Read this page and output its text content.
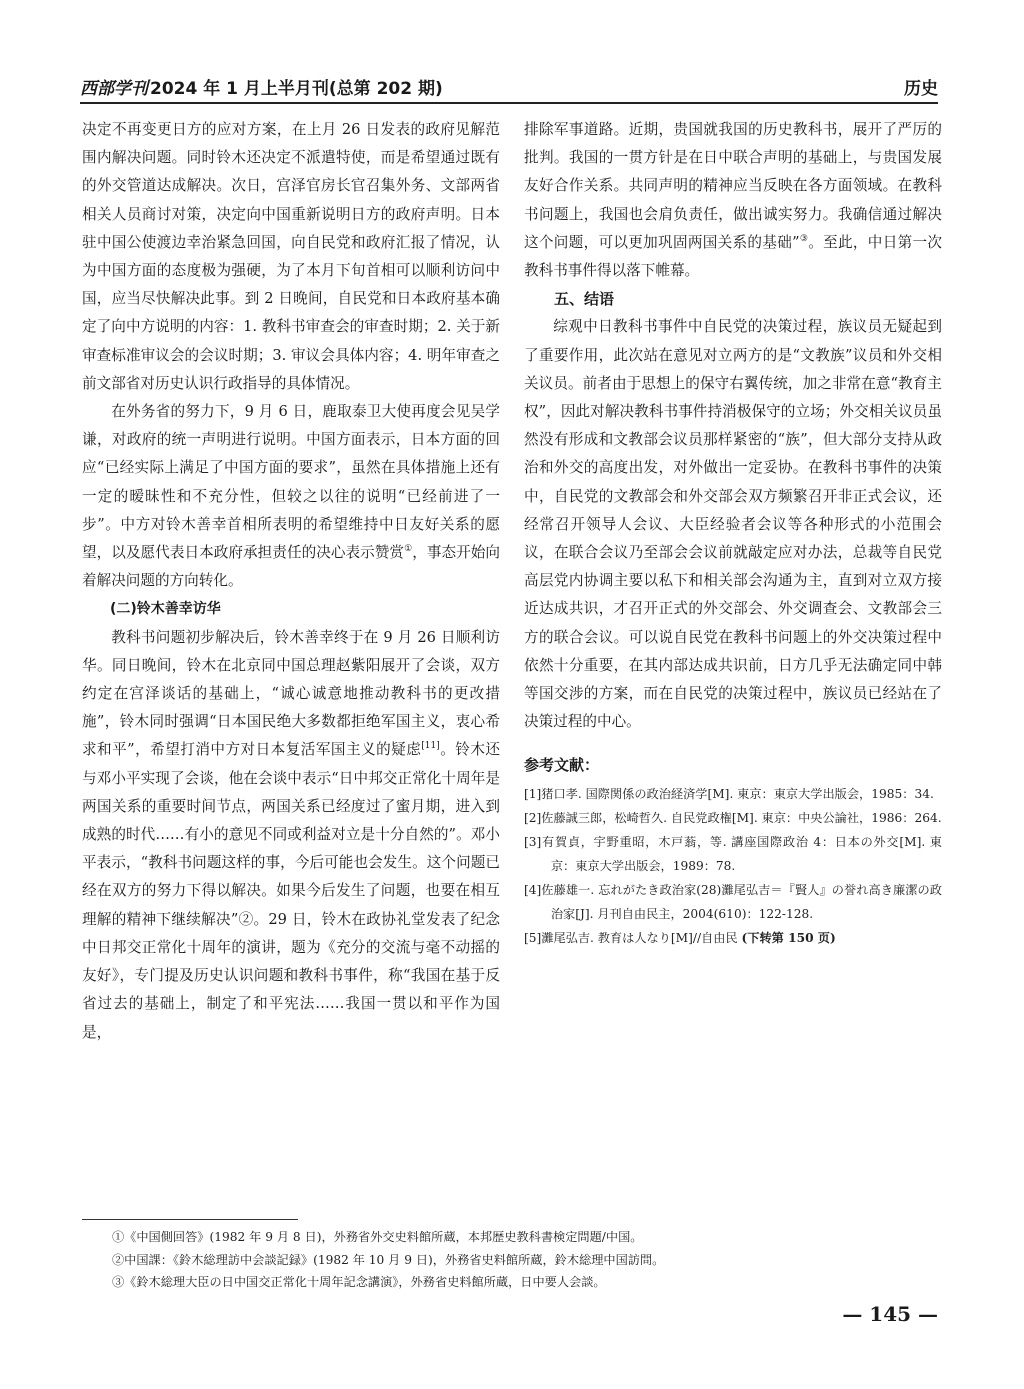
西部学刊 2024 年 1 月上半月刊(总第 202 期)	历史

决定不再变更日方的应对方案，在上月 26 日发表的政府见解范围内解决问题。同时铃木还决定不派遣特使，而是希望通过既有的外交管道达成解决。次日，宫泽官房长官召集外务、文部两省相关人员商讨对策，决定向中国重新说明日方的政府声明。日本驻中国公使渡边幸治紧急回国，向自民党和政府汇报了情况，认为中国方面的态度极为强硬，为了本月下旬首相可以顺利访问中国，应当尽快解决此事。到 2 日晚间，自民党和日本政府基本确定了向中方说明的内容：1. 教科书审查会的审查时期；2. 关于新审查标准审议会的会议时期；3. 审议会具体内容；4. 明年审查之前文部省对历史认识行政指导的具体情况。

在外务省的努力下，9 月 6 日，鹿取泰卫大使再度会见吴学谦，对政府的统一声明进行说明。中国方面表示，日本方面的回应“已经实际上满足了中国方面的要求”，虽然在具体措施上还有一定的暧昧性和不充分性，但较之以往的说明“已经前进了一步”。中方对铃木善幸首相所表明的希望维持中日友好关系的愿望，以及愿代表日本政府承担责任的决心表示赞赏①，事态开始向着解决问题的方向转化。

(二)铃木善幸访华

教科书问题初步解决后，铃木善幸终于在 9 月 26 日顺利访华。同日晚间，铃木在北京同中国总理赵紫阳展开了会谈，双方约定在宫泽谈话的基础上，“诚心诚意地推动教科书的更改措施”，铃木同时强调“日本国民绝大多数都拒绝军国主义，衷心希求和平”，希望打消中方对日本复活军国主义的疑虑[11]。铃木还与邓小平实现了会谈，他在会谈中表示“日中邦交正常化十周年是两国关系的重要时间节点，两国关系已经度过了蜜月期，进入到成熟的时代……有小的意见不同或利益对立是十分自然的”。邓小平表示，“教科书问题这样的事，今后可能也会发生。这个问题已经在双方的努力下得以解决。如果今后发生了问题，也要在相互理解的精神下继续解决”②。29 日，铃木在政协礼堂发表了纪念中日邦交正常化十周年的演讲，题为《充分的交流与毫不动摇的友好》，专门提及历史认识问题和教科书事件，称“我国在基于反省过去的基础上，制定了和平宪法……我国一贯以和平作为国是，

排除军事道路。近期，贵国就我国的历史教科书，展开了严厉的批判。我国的一贯方针是在日中联合声明的基础上，与贵国发展友好合作关系。共同声明的精神应当反映在各方面领域。在教科书问题上，我国也会肩负责任，做出诚实努力。我确信通过解决这个问题，可以更加巩固两国关系的基础”③。至此，中日第一次教科书事件得以落下帷幕。

五、结语

综观中日教科书事件中自民党的决策过程，族议员无疑起到了重要作用，此次站在意见对立两方的是“文教族”议员和外交相关议员。前者由于思想上的保守右翼传统，加之非常在意“教育主权”，因此对解决教科书事件持消极保守的立场；外交相关议员虽然没有形成和文教部会议员那样紧密的“族”，但大部分支持从政治和外交的高度出发，对外做出一定妥协。在教科书事件的决策中，自民党的文教部会和外交部会双方频繁召开非正式会议，还经常召开领导人会议、大臣经验者会议等各种形式的小范围会议，在联合会议乃至部会会议前就敲定应对办法，总裁等自民党高层党内协调主要以私下和相关部会沟通为主，直到对立双方接近达成共识，才召开正式的外交部会、外交调查会、文教部会三方的联合会议。可以说自民党在教科书问题上的外交决策过程中依然十分重要，在其内部达成共识前，日方几乎无法确定同中韩等国交涉的方案，而在自民党的决策过程中，族议员已经站在了决策过程的中心。

参考文献：
[1]猪口孝. 国際関係の政治経済学[M]. 東京：東京大学出版会，1985：34.
[2]佐藤誠三郎，松崎哲久. 自民党政権[M]. 東京：中央公論社，1986：264.
[3]有賀貞，宇野重昭，木戸蓊，等. 講座国際政治 4：日本の外交[M]. 東京：東京大学出版会，1989：78.
[4]佐藤雄一. 忘れがたき政治家(28)灘尾弘吉＝『賢人』の誉れ高き廉潔の政治家[J]. 月刊自由民主，2004(610)：122-128.
[5]灘尾弘吉. 教育は人なり[M]//自由民 (下转第 150 页)
①《中国側回答》(1982 年 9 月 8 日)，外務省外交史料館所蔵，本邦歴史教科書検定問題/中国。
②中国課：《鈴木総理訪中会談記録》(1982 年 10 月 9 日)，外務省史料館所蔵，鈴木総理中国訪問。
③《鈴木総理大臣の日中国交正常化十周年記念講演》，外務省史料館所蔵，日中要人会談。
— 145 —
